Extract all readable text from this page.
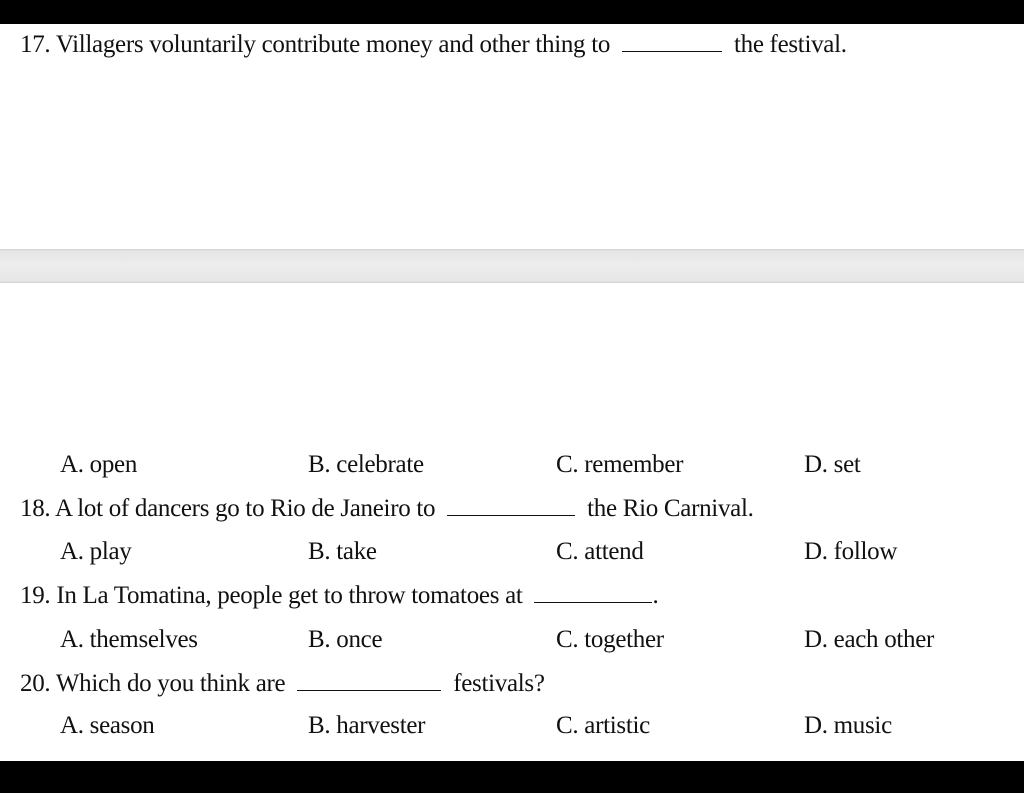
17. Villagers voluntarily contribute money and other thing to	the festival.
A. open	B. celebrate	C. remember	D. set
18. A lot of dancers go to Rio de Janeiro to	the Rio Carnival.
A. play	B. take	C. attend	D. follow
19. In La Tomatina, people get to throw tomatoes at	.
A. themselves	B. once	C. together	D. each other
20. Which do you think are	festivals?
A. season	B. harvester	C. artistic	D. music
